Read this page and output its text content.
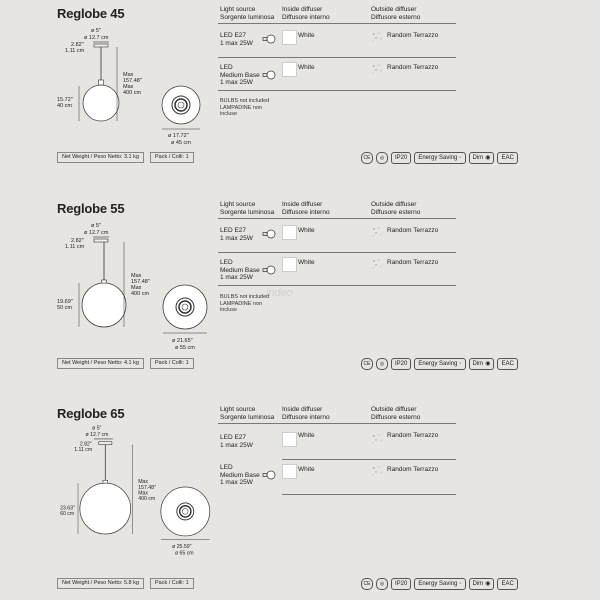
indeo
Reglobe 45
ø 5"
ø 12.7 cm
2.82"
1.11 cm
Max
157.48"
Max
400 cm
15.72"
40 cm
ø 17.72"
ø 45 cm
Light source
Sorgente luminosa
Inside diffuser
Diffusore interno
Outside diffuser
Diffusore esterno
LED E27
1 max 25W
White	Random Terrazzo
LED
Medium Base
1 max 25W
White	Random Terrazzo
BULBS not included
LAMPADINE non
incluse
Net Weight / Peso Netto: 3.1 kg	Pack / Colli: 1	CE	◎	IP20	Energy Saving ◦ Dim ◉	EAC
Reglobe 55
ø 5"
ø 12.7 cm
2.82"
1.11 cm
Max
157.48"
Max
400 cm
19.69"
50 cm
ø 21.65"
ø 55 cm
Light source
Sorgente luminosa
Inside diffuser
Diffusore interno
Outside diffuser
Diffusore esterno
LED E27
1 max 25W
White	Random Terrazzo
LED
Medium Base
1 max 25W
White	Random Terrazzo
BULBS not included
LAMPADINE non
incluse
Net Weight / Peso Netto: 4.1 kg	Pack / Colli: 1	CE	◎	IP20	Energy Saving ◦ Dim ◉	EAC
Reglobe 65
ø 5"
ø 12.7 cm
2.82"
1.11 cm
Max
157.48"
Max
400 cm
23.63"
60 cm
ø 25.59"
ø 65 cm
Light source
Sorgente luminosa
Inside diffuser
Diffusore interno
Outside diffuser
Diffusore esterno
LED E27
1 max 25W
White	Random Terrazzo
LED
Medium Base
1 max 25W
White	Random Terrazzo
Net Weight / Peso Netto: 5.8 kg	Pack / Colli: 1	CE	◎	IP20	Energy Saving ◦ Dim ◉	EAC
